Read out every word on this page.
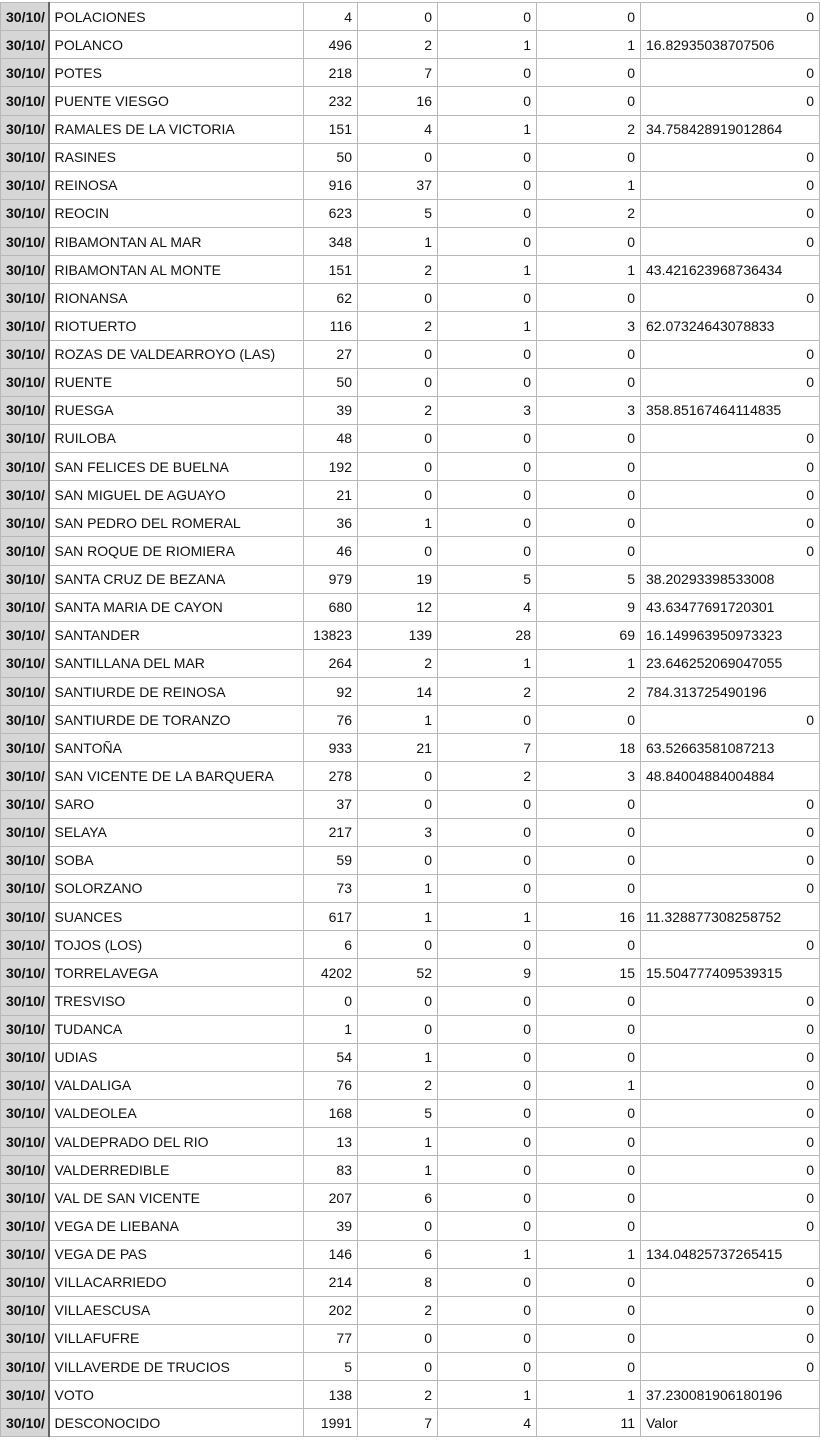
30/10/	POLACIONES	4	0	0	0	0
30/10/	POLANCO	496	2	1	1	16.82935038707506
30/10/	POTES	218	7	0	0	0
30/10/	PUENTE VIESGO	232	16	0	0	0
30/10/	RAMALES DE LA VICTORIA	151	4	1	2	34.758428919012864
30/10/	RASINES	50	0	0	0	0
30/10/	REINOSA	916	37	0	1	0
30/10/	REOCIN	623	5	0	2	0
30/10/	RIBAMONTAN AL MAR	348	1	0	0	0
30/10/	RIBAMONTAN AL MONTE	151	2	1	1	43.421623968736434
30/10/	RIONANSA	62	0	0	0	0
30/10/	RIOTUERTO	116	2	1	3	62.07324643078833
30/10/	ROZAS DE VALDEARROYO (LAS)	27	0	0	0	0
30/10/	RUENTE	50	0	0	0	0
30/10/	RUESGA	39	2	3	3	358.85167464114835
30/10/	RUILOBA	48	0	0	0	0
30/10/	SAN FELICES DE BUELNA	192	0	0	0	0
30/10/	SAN MIGUEL DE AGUAYO	21	0	0	0	0
30/10/	SAN PEDRO DEL ROMERAL	36	1	0	0	0
30/10/	SAN ROQUE DE RIOMIERA	46	0	0	0	0
30/10/	SANTA CRUZ DE BEZANA	979	19	5	5	38.20293398533008
30/10/	SANTA MARIA DE CAYON	680	12	4	9	43.63477691720301
30/10/	SANTANDER	13823	139	28	69	16.149963950973323
30/10/	SANTILLANA DEL MAR	264	2	1	1	23.646252069047055
30/10/	SANTIURDE DE REINOSA	92	14	2	2	784.313725490196
30/10/	SANTIURDE DE TORANZO	76	1	0	0	0
30/10/	SANTOÑA	933	21	7	18	63.52663581087213
30/10/	SAN VICENTE DE LA BARQUERA	278	0	2	3	48.84004884004884
30/10/	SARO	37	0	0	0	0
30/10/	SELAYA	217	3	0	0	0
30/10/	SOBA	59	0	0	0	0
30/10/	SOLORZANO	73	1	0	0	0
30/10/	SUANCES	617	1	1	16	11.328877308258752
30/10/	TOJOS (LOS)	6	0	0	0	0
30/10/	TORRELAVEGA	4202	52	9	15	15.504777409539315
30/10/	TRESVISO	0	0	0	0	0
30/10/	TUDANCA	1	0	0	0	0
30/10/	UDIAS	54	1	0	0	0
30/10/	VALDALIGA	76	2	0	1	0
30/10/	VALDEOLEA	168	5	0	0	0
30/10/	VALDEPRADO DEL RIO	13	1	0	0	0
30/10/	VALDERREDIBLE	83	1	0	0	0
30/10/	VAL DE SAN VICENTE	207	6	0	0	0
30/10/	VEGA DE LIEBANA	39	0	0	0	0
30/10/	VEGA DE PAS	146	6	1	1	134.04825737265415
30/10/	VILLACARRIEDO	214	8	0	0	0
30/10/	VILLAESCUSA	202	2	0	0	0
30/10/	VILLAFUFRE	77	0	0	0	0
30/10/	VILLAVERDE DE TRUCIOS	5	0	0	0	0
30/10/	VOTO	138	2	1	1	37.230081906180196
30/10/	DESCONOCIDO	1991	7	4	11	Valor
